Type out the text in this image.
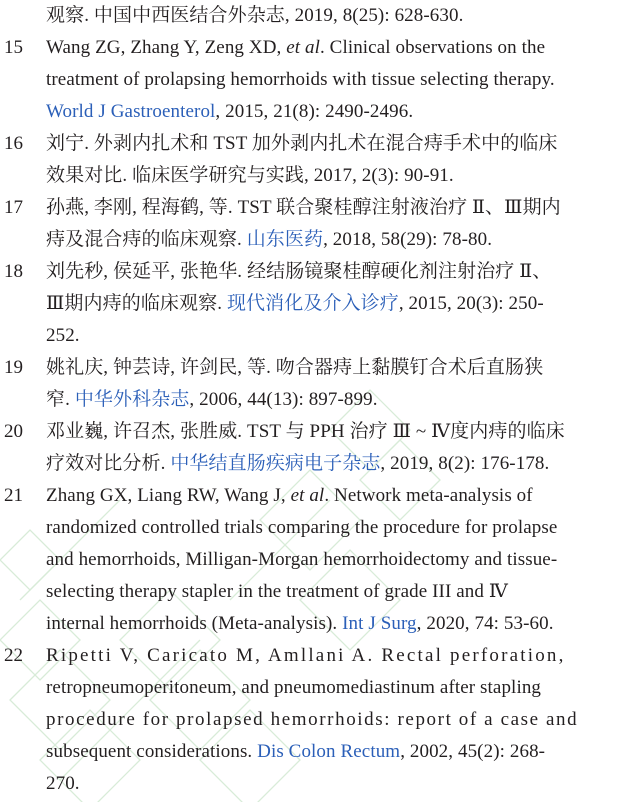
观察. 中国中西医结合外杂志, 2019, 8(25): 628-630.
15 Wang ZG, Zhang Y, Zeng XD, et al. Clinical observations on the
treatment of prolapsing hemorrhoids with tissue selecting therapy.
World J Gastroenterol, 2015, 21(8): 2490-2496.
16 刘宁. 外剥内扎术和 TST 加外剥内扎术在混合痔手术中的临床
效果对比. 临床医学研究与实践, 2017, 2(3): 90-91.
17 孙燕, 李刚, 程海鹤, 等. TST 联合聚桂醇注射液治疗 Ⅱ、Ⅲ期内
痔及混合痔的临床观察. 山东医药, 2018, 58(29): 78-80.
18 刘先秒, 侯延平, 张艳华. 经结肠镜聚桂醇硬化剂注射治疗 Ⅱ、
Ⅲ期内痔的临床观察. 现代消化及介入诊疗, 2015, 20(3): 250-
252.
19 姚礼庆, 钟芸诗, 许剑民, 等. 吻合器痔上黏膜钉合术后直肠狭
窄. 中华外科杂志, 2006, 44(13): 897-899.
20 邓业巍, 许召杰, 张胜威. TST 与 PPH 治疗 Ⅲ ~ Ⅳ度内痔的临床
疗效对比分析. 中华结直肠疾病电子杂志, 2019, 8(2): 176-178.
21 Zhang GX, Liang RW, Wang J, et al. Network meta-analysis of
randomized controlled trials comparing the procedure for prolapse
and hemorrhoids, Milligan-Morgan hemorrhoidectomy and tissue-
selecting therapy stapler in the treatment of grade III and Ⅳ
internal hemorrhoids (Meta-analysis). Int J Surg, 2020, 74: 53-60.
22 Ripetti V, Caricato M, Amllani A. Rectal perforation,
retropneumoperitoneum, and pneumomediastinum after stapling
procedure for prolapsed hemorrhoids: report of a case and
subsequent considerations. Dis Colon Rectum, 2002, 45(2): 268-
270.
